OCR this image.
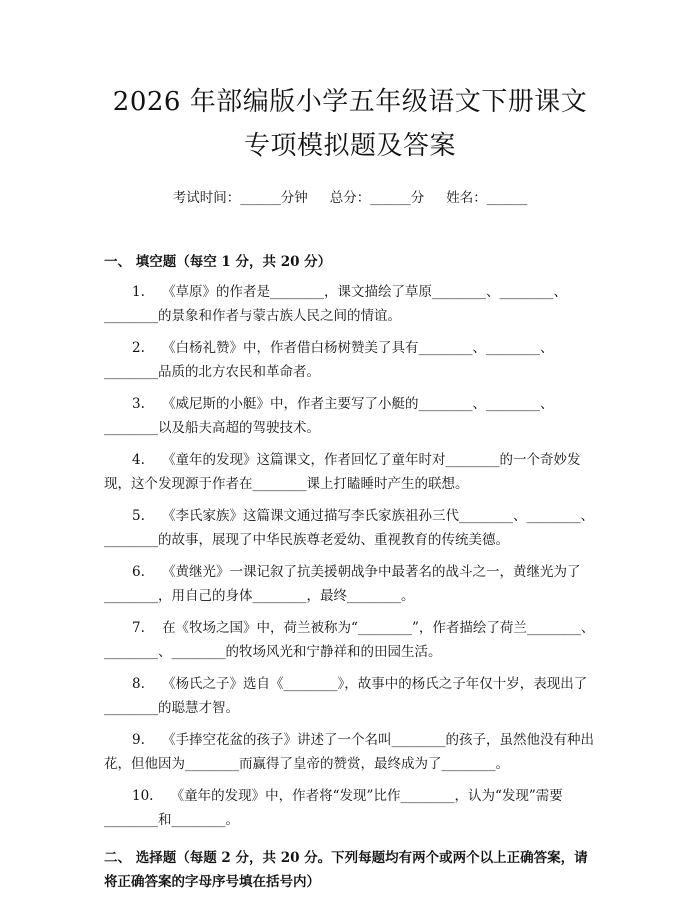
2026 年部编版小学五年级语文下册课文专项模拟题及答案
考试时间：______分钟 总分：______分 姓名：______
一、 填空题（每空 1 分，共 20 分）
1. 《草原》的作者是________，课文描绘了草原________、________、________的景象和作者与蒙古族人民之间的情谊。
2. 《白杨礼赞》中，作者借白杨树赞美了具有________、________、________品质的北方农民和革命者。
3. 《威尼斯的小艇》中，作者主要写了小艇的________、________、________以及船夫高超的驾驶技术。
4. 《童年的发现》这篇课文，作者回忆了童年时对________的一个奇妙发现，这个发现源于作者在________课上打瞌睡时产生的联想。
5. 《李氏家族》这篇课文通过描写李氏家族祖孙三代________、________、________的故事，展现了中华民族尊老爱幼、重视教育的传统美德。
6. 《黄继光》一课记叙了抗美援朝战争中最著名的战斗之一，黄继光为了________，用自己的身体________，最终________。
7. 在《牧场之国》中，荷兰被称为“________”，作者描绘了荷兰________、________、________的牧场风光和宁静祥和的田园生活。
8. 《杨氏之子》选自《________》，故事中的杨氏之子年仅十岁，表现出了________的聪慧才智。
9. 《手捧空花盆的孩子》讲述了一个名叫________的孩子，虽然他没有种出花，但他因为________而赢得了皇帝的赞赏，最终成为了________。
10. 《童年的发现》中，作者将“发现”比作________，认为“发现”需要________和________。
二、 选择题（每题 2 分，共 20 分。下列每题均有两个或两个以上正确答案，请将正确答案的字母序号填在括号内）
